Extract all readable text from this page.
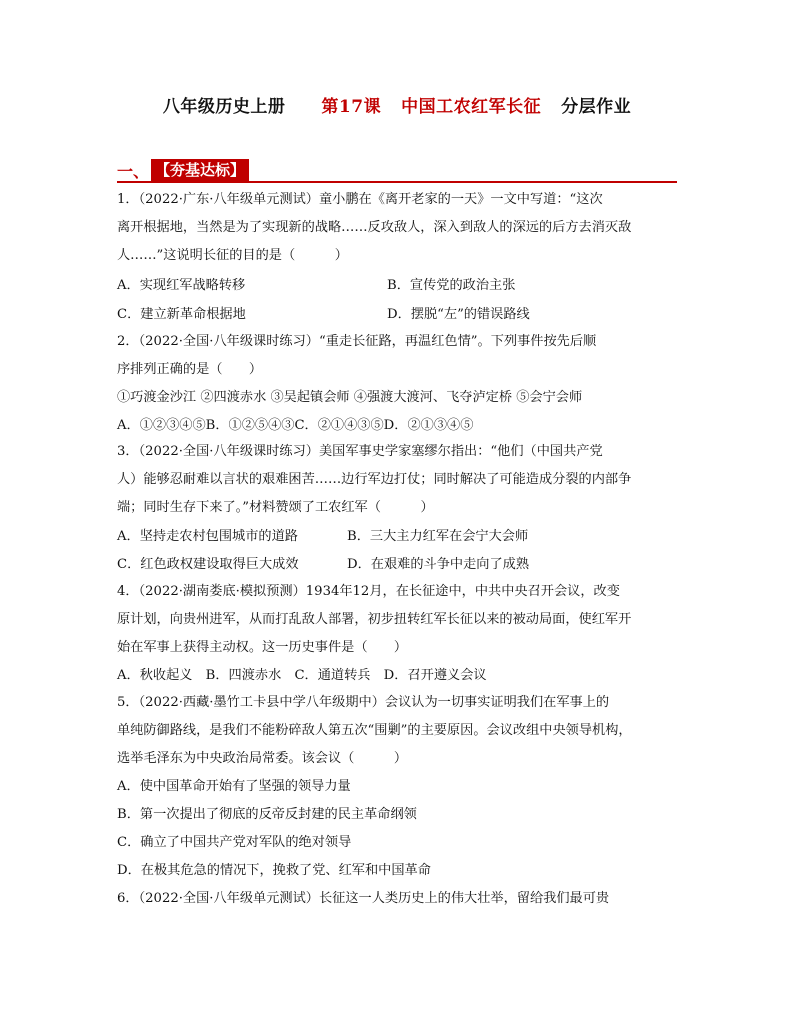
八年级历史上册 第17课 中国工农红军长征 分层作业
一、 【夯基达标】
1．（2022·广东·八年级单元测试）童小鹏在《离开老家的一天》一文中写道：“这次
离开根据地，当然是为了实现新的战略……反攻敌人，深入到敌人的深远的后方去消灭敌
人……”这说明长征的目的是（　　　）
A．实现红军战略转移	B．宣传党的政治主张
C．建立新革命根据地	D．摆脱“左”的错误路线
2．（2022·全国·八年级课时练习）“重走长征路，再温红色情”。下列事件按先后顺
序排列正确的是（　　）
①巧渡金沙江 ②四渡赤水 ③吴起镇会师 ④强渡大渡河、飞夺泸定桥 ⑤会宁会师
A．①②③④⑤B．①②⑤④③C．②①④③⑤D．②①③④⑤
3．（2022·全国·八年级课时练习）美国军事史学家塞缪尔指出：“他们（中国共产党
人）能够忍耐难以言状的艰难困苦……边行军边打仗；同时解决了可能造成分裂的内部争
端；同时生存下来了。”材料赞颂了工农红军（　　　）
A．坚持走农村包围城市的道路	B．三大主力红军在会宁大会师
C．红色政权建设取得巨大成效	D．在艰难的斗争中走向了成熟
4．（2022·湖南娄底·模拟预测）1934年12月，在长征途中，中共中央召开会议，改变
原计划，向贵州进军，从而打乱敌人部署，初步扭转红军长征以来的被动局面，使红军开
始在军事上获得主动权。这一历史事件是（　　）
A．秋收起义　B．四渡赤水　C．通道转兵　D．召开遵义会议
5．（2022·西藏·墨竹工卡县中学八年级期中）会议认为一切事实证明我们在军事上的
单纯防御路线，是我们不能粉碎敌人第五次“围剿”的主要原因。会议改组中央领导机构，
选举毛泽东为中央政治局常委。该会议（　　　）
A．使中国革命开始有了坚强的领导力量
B．第一次提出了彻底的反帝反封建的民主革命纲领
C．确立了中国共产党对军队的绝对领导
D．在极其危急的情况下，挽救了党、红军和中国革命
6．（2022·全国·八年级单元测试）长征这一人类历史上的伟大壮举，留给我们最可贵
